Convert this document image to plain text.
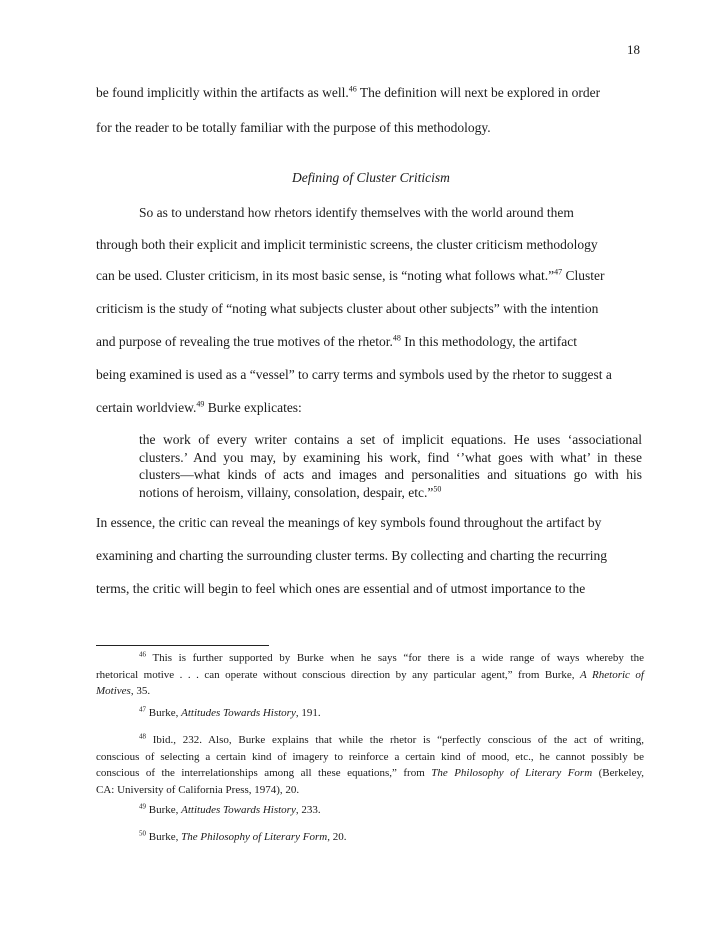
18
be found implicitly within the artifacts as well.$^{46}$ The definition will next be explored in order
for the reader to be totally familiar with the purpose of this methodology.
Defining of Cluster Criticism
So as to understand how rhetors identify themselves with the world around them
through both their explicit and implicit terministic screens, the cluster criticism methodology
can be used. Cluster criticism, in its most basic sense, is “noting what follows what.”$^{47}$ Cluster
criticism is the study of “noting what subjects cluster about other subjects” with the intention
and purpose of revealing the true motives of the rhetor.$^{48}$ In this methodology, the artifact
being examined is used as a “vessel” to carry terms and symbols used by the rhetor to suggest a
certain worldview.$^{49}$ Burke explicates:
the work of every writer contains a set of implicit equations. He uses ‘associational
clusters.’ And you may, by examining his work, find ‘’what goes with what’ in these
clusters—what kinds of acts and images and personalities and situations go with his
notions of heroism, villainy, consolation, despair, etc.”$^{50}$
In essence, the critic can reveal the meanings of key symbols found throughout the artifact by
examining and charting the surrounding cluster terms. By collecting and charting the recurring
terms, the critic will begin to feel which ones are essential and of utmost importance to the
$^{46}$ This is further supported by Burke when he says “for there is a wide range of ways whereby the
rhetorical motive . . . can operate without conscious direction by any particular agent,” from Burke, A Rhetoric of
Motives, 35.
$^{47}$ Burke, Attitudes Towards History, 191.
$^{48}$ Ibid., 232. Also, Burke explains that while the rhetor is “perfectly conscious of the act of writing,
conscious of selecting a certain kind of imagery to reinforce a certain kind of mood, etc., he cannot possibly be
conscious of the interrelationships among all these equations,” from The Philosophy of Literary Form (Berkeley,
CA: University of California Press, 1974), 20.
$^{49}$ Burke, Attitudes Towards History, 233.
$^{50}$ Burke, The Philosophy of Literary Form, 20.
